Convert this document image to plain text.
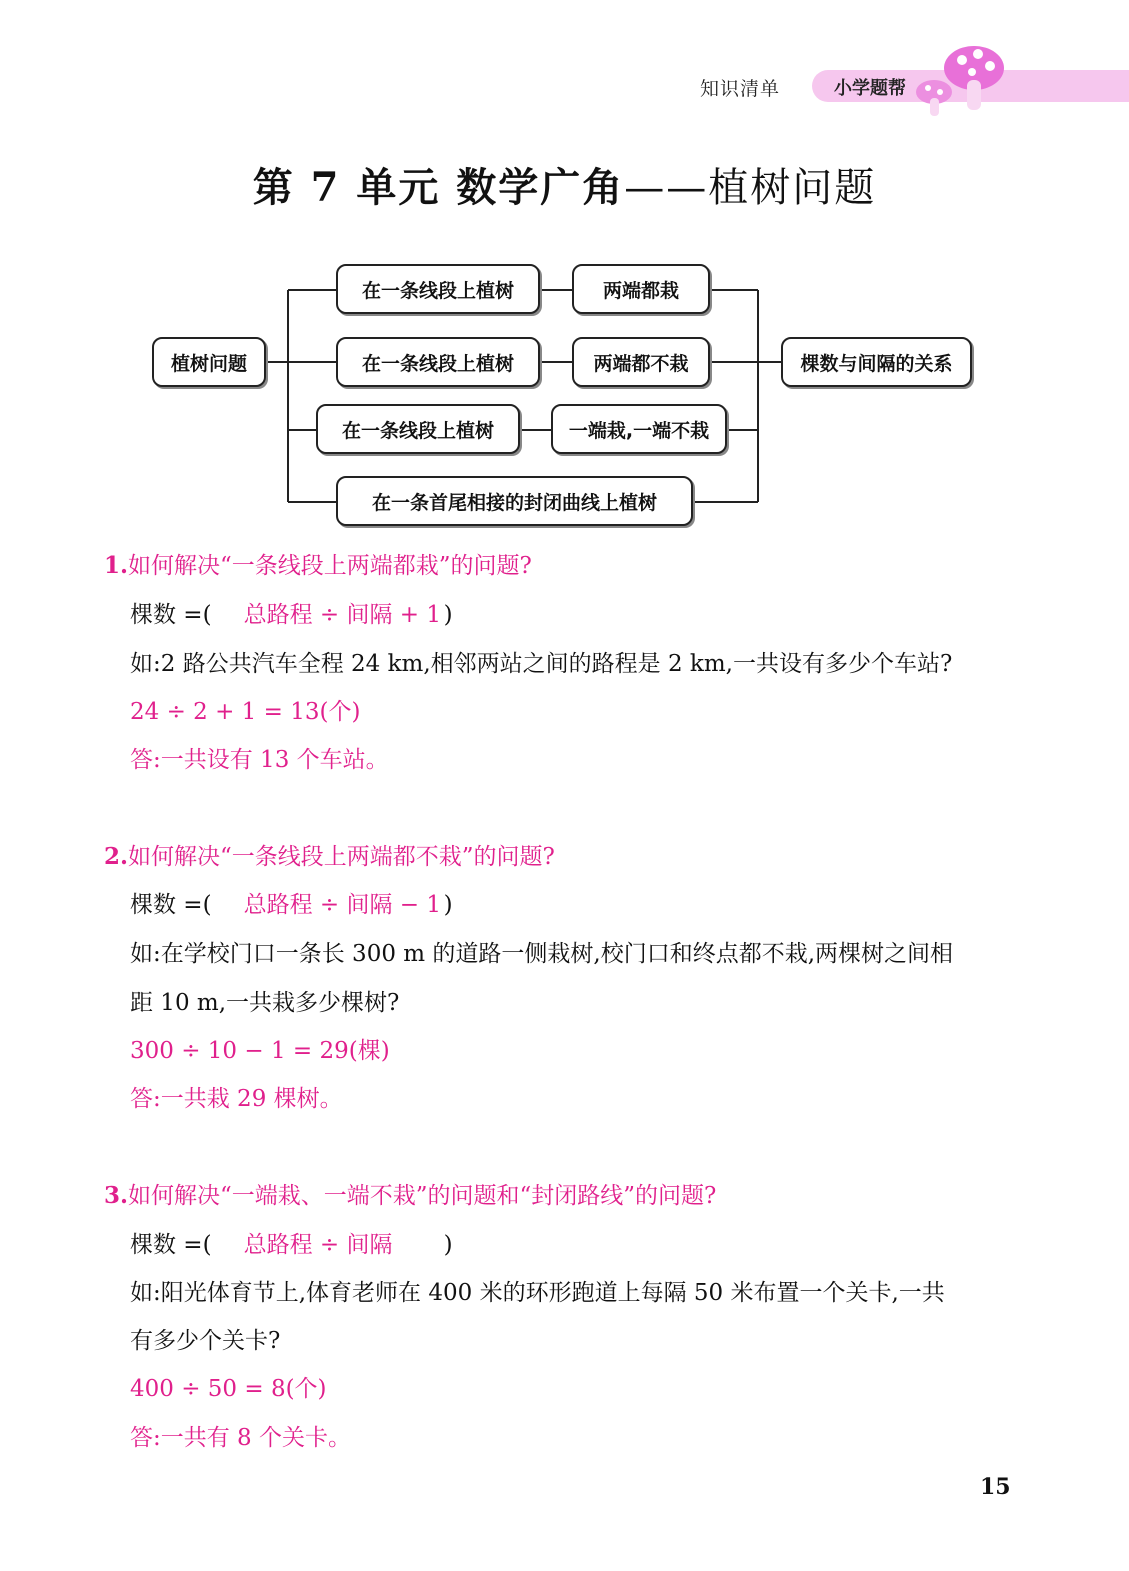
知识清单	小学题帮
第 7 单元 数学广角——植树问题
植树问题
在一条线段上植树	两端都栽
在一条线段上植树	两端都不栽
在一条线段上植树	一端栽,一端不栽
在一条首尾相接的封闭曲线上植树
棵数与间隔的关系
1.如何解决“一条线段上两端都栽”的问题?
棵数 =( 总路程 ÷ 间隔 + 1 )
如:2 路公共汽车全程 24 km,相邻两站之间的路程是 2 km,一共设有多少个车站?
24 ÷ 2 + 1 = 13(个)
答:一共设有 13 个车站。
2.如何解决“一条线段上两端都不栽”的问题?
棵数 =( 总路程 ÷ 间隔 − 1 )
如:在学校门口一条长 300 m 的道路一侧栽树,校门口和终点都不栽,两棵树之间相
距 10 m,一共栽多少棵树?
300 ÷ 10 − 1 = 29(棵)
答:一共栽 29 棵树。
3.如何解决“一端栽、一端不栽”的问题和“封闭路线”的问题?
棵数 =( 总路程 ÷ 间隔 )
如:阳光体育节上,体育老师在 400 米的环形跑道上每隔 50 米布置一个关卡,一共
有多少个关卡?
400 ÷ 50 = 8(个)
答:一共有 8 个关卡。
15
